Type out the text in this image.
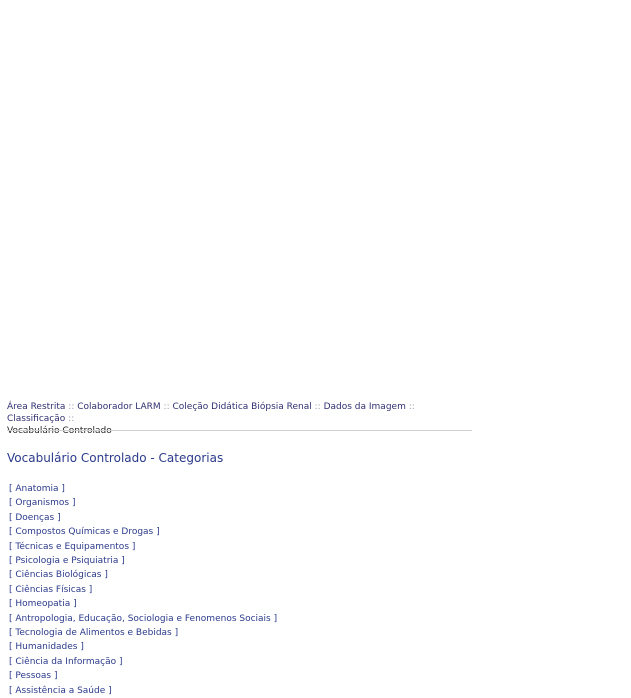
Área Restrita :: Colaborador LARM :: Coleção Didática Biópsia Renal :: Dados da Imagem :: Classificação ::
Vocabulário Controlado
Vocabulário Controlado - Categorias
[ Anatomia ]
[ Organismos ]
[ Doenças ]
[ Compostos Químicas e Drogas ]
[ Técnicas e Equipamentos ]
[ Psicologia e Psiquiatria ]
[ Ciências Biológicas ]
[ Ciências Físicas ]
[ Homeopatia ]
[ Antropologia, Educação, Sociologia e Fenomenos Sociais ]
[ Tecnologia de Alimentos e Bebidas ]
[ Humanidades ]
[ Ciência da Informação ]
[ Pessoas ]
[ Assistência a Saúde ]
